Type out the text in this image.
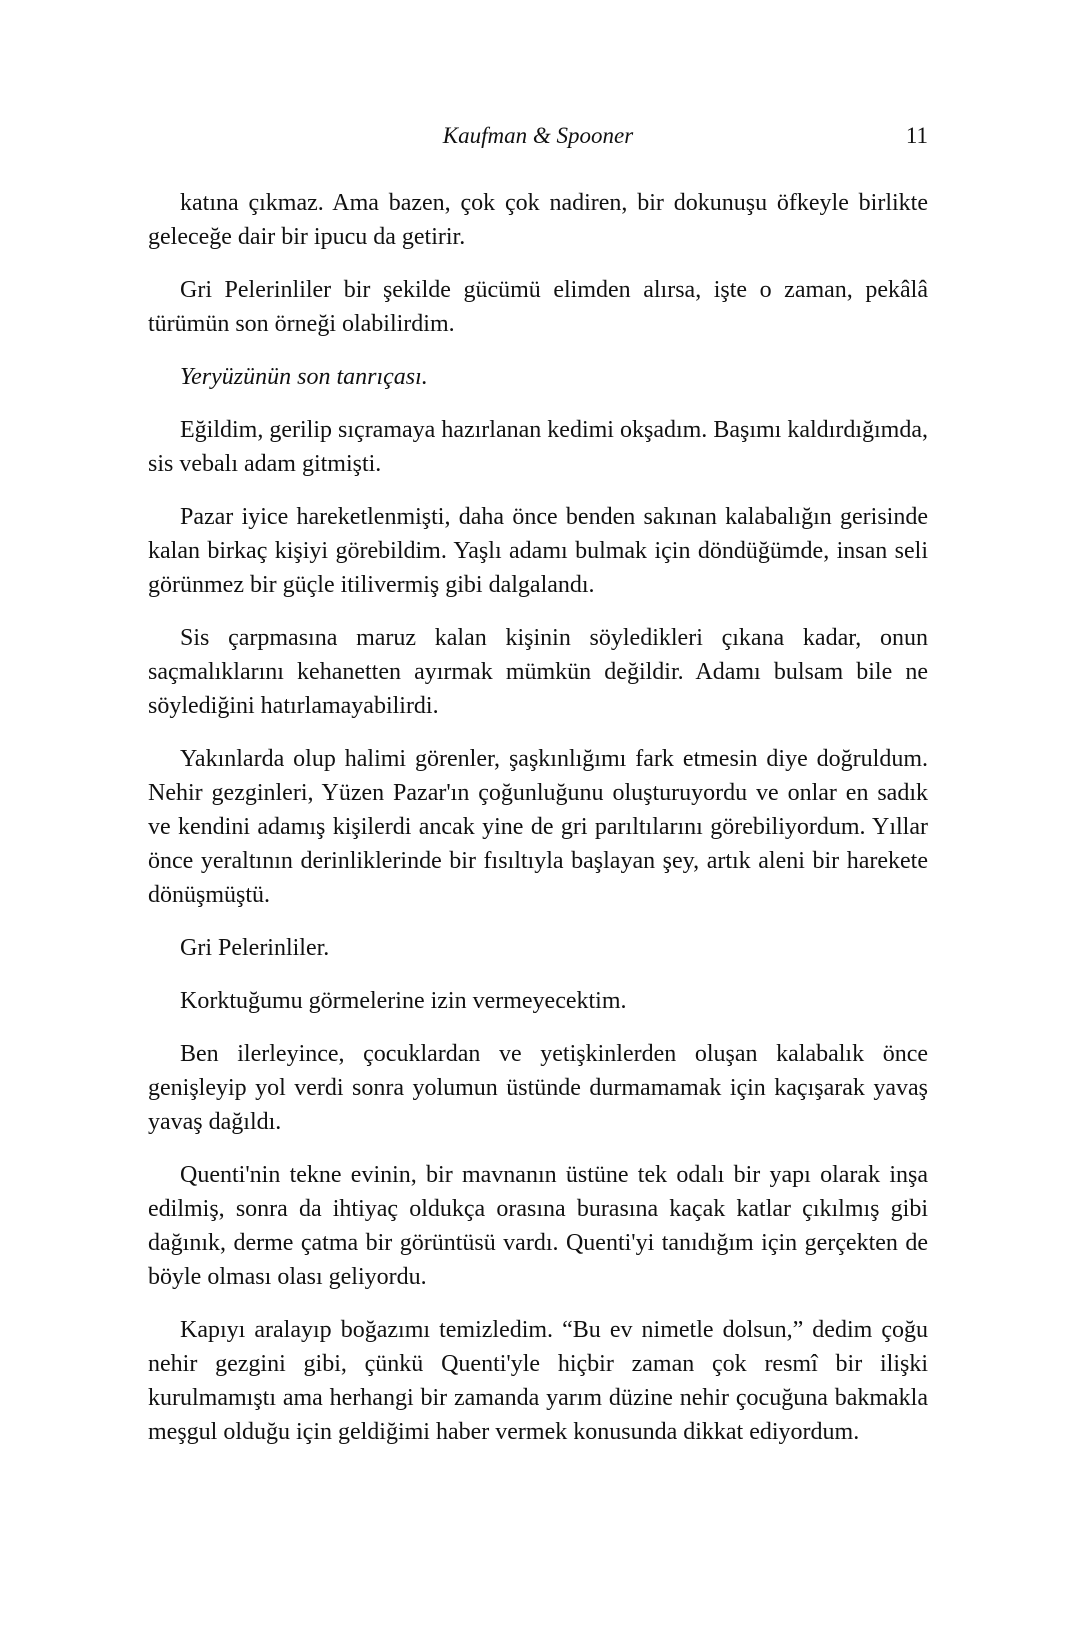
Kaufman & Spooner	11

katına çıkmaz. Ama bazen, çok çok nadiren, bir dokunuşu öfkeyle birlikte geleceğe dair bir ipucu da getirir.

Gri Pelerinliler bir şekilde gücümü elimden alırsa, işte o zaman, pekâlâ türümün son örneği olabilirdim.

Yeryüzünün son tanrıçası.

Eğildim, gerilip sıçramaya hazırlanan kedimi okşadım. Başımı kaldırdığımda, sis vebalı adam gitmişti.

Pazar iyice hareketlenmişti, daha önce benden sakınan kalabalığın gerisinde kalan birkaç kişiyi görebildim. Yaşlı adamı bulmak için döndüğümde, insan seli görünmez bir güçle itilivermiş gibi dalgalandı.

Sis çarpmasına maruz kalan kişinin söyledikleri çıkana kadar, onun saçmalıklarını kehanetten ayırmak mümkün değildir. Adamı bulsam bile ne söylediğini hatırlamayabilirdi.

Yakınlarda olup halimi görenler, şaşkınlığımı fark etmesin diye doğruldum. Nehir gezginleri, Yüzen Pazar'ın çoğunluğunu oluşturuyordu ve onlar en sadık ve kendini adamış kişilerdi ancak yine de gri parıltılarını görebiliyordum. Yıllar önce yeraltının derinliklerinde bir fısıltıyla başlayan şey, artık aleni bir harekete dönüşmüştü.

Gri Pelerinliler.

Korktuğumu görmelerine izin vermeyecektim.

Ben ilerleyince, çocuklardan ve yetişkinlerden oluşan kalabalık önce genişleyip yol verdi sonra yolumun üstünde durmamamak için kaçışarak yavaş yavaş dağıldı.

Quenti'nin tekne evinin, bir mavnanın üstüne tek odalı bir yapı olarak inşa edilmiş, sonra da ihtiyaç oldukça orasına burasına kaçak katlar çıkılmış gibi dağınık, derme çatma bir görüntüsü vardı. Quenti'yi tanıdığım için gerçekten de böyle olması olası geliyordu.

Kapıyı aralayıp boğazımı temizledim. “Bu ev nimetle dolsun,” dedim çoğu nehir gezgini gibi, çünkü Quenti'yle hiçbir zaman çok resmî bir ilişki kurulmamıştı ama herhangi bir zamanda yarım düzine nehir çocuğuna bakmakla meşgul olduğu için geldiğimi haber vermek konusunda dikkat ediyordum.
